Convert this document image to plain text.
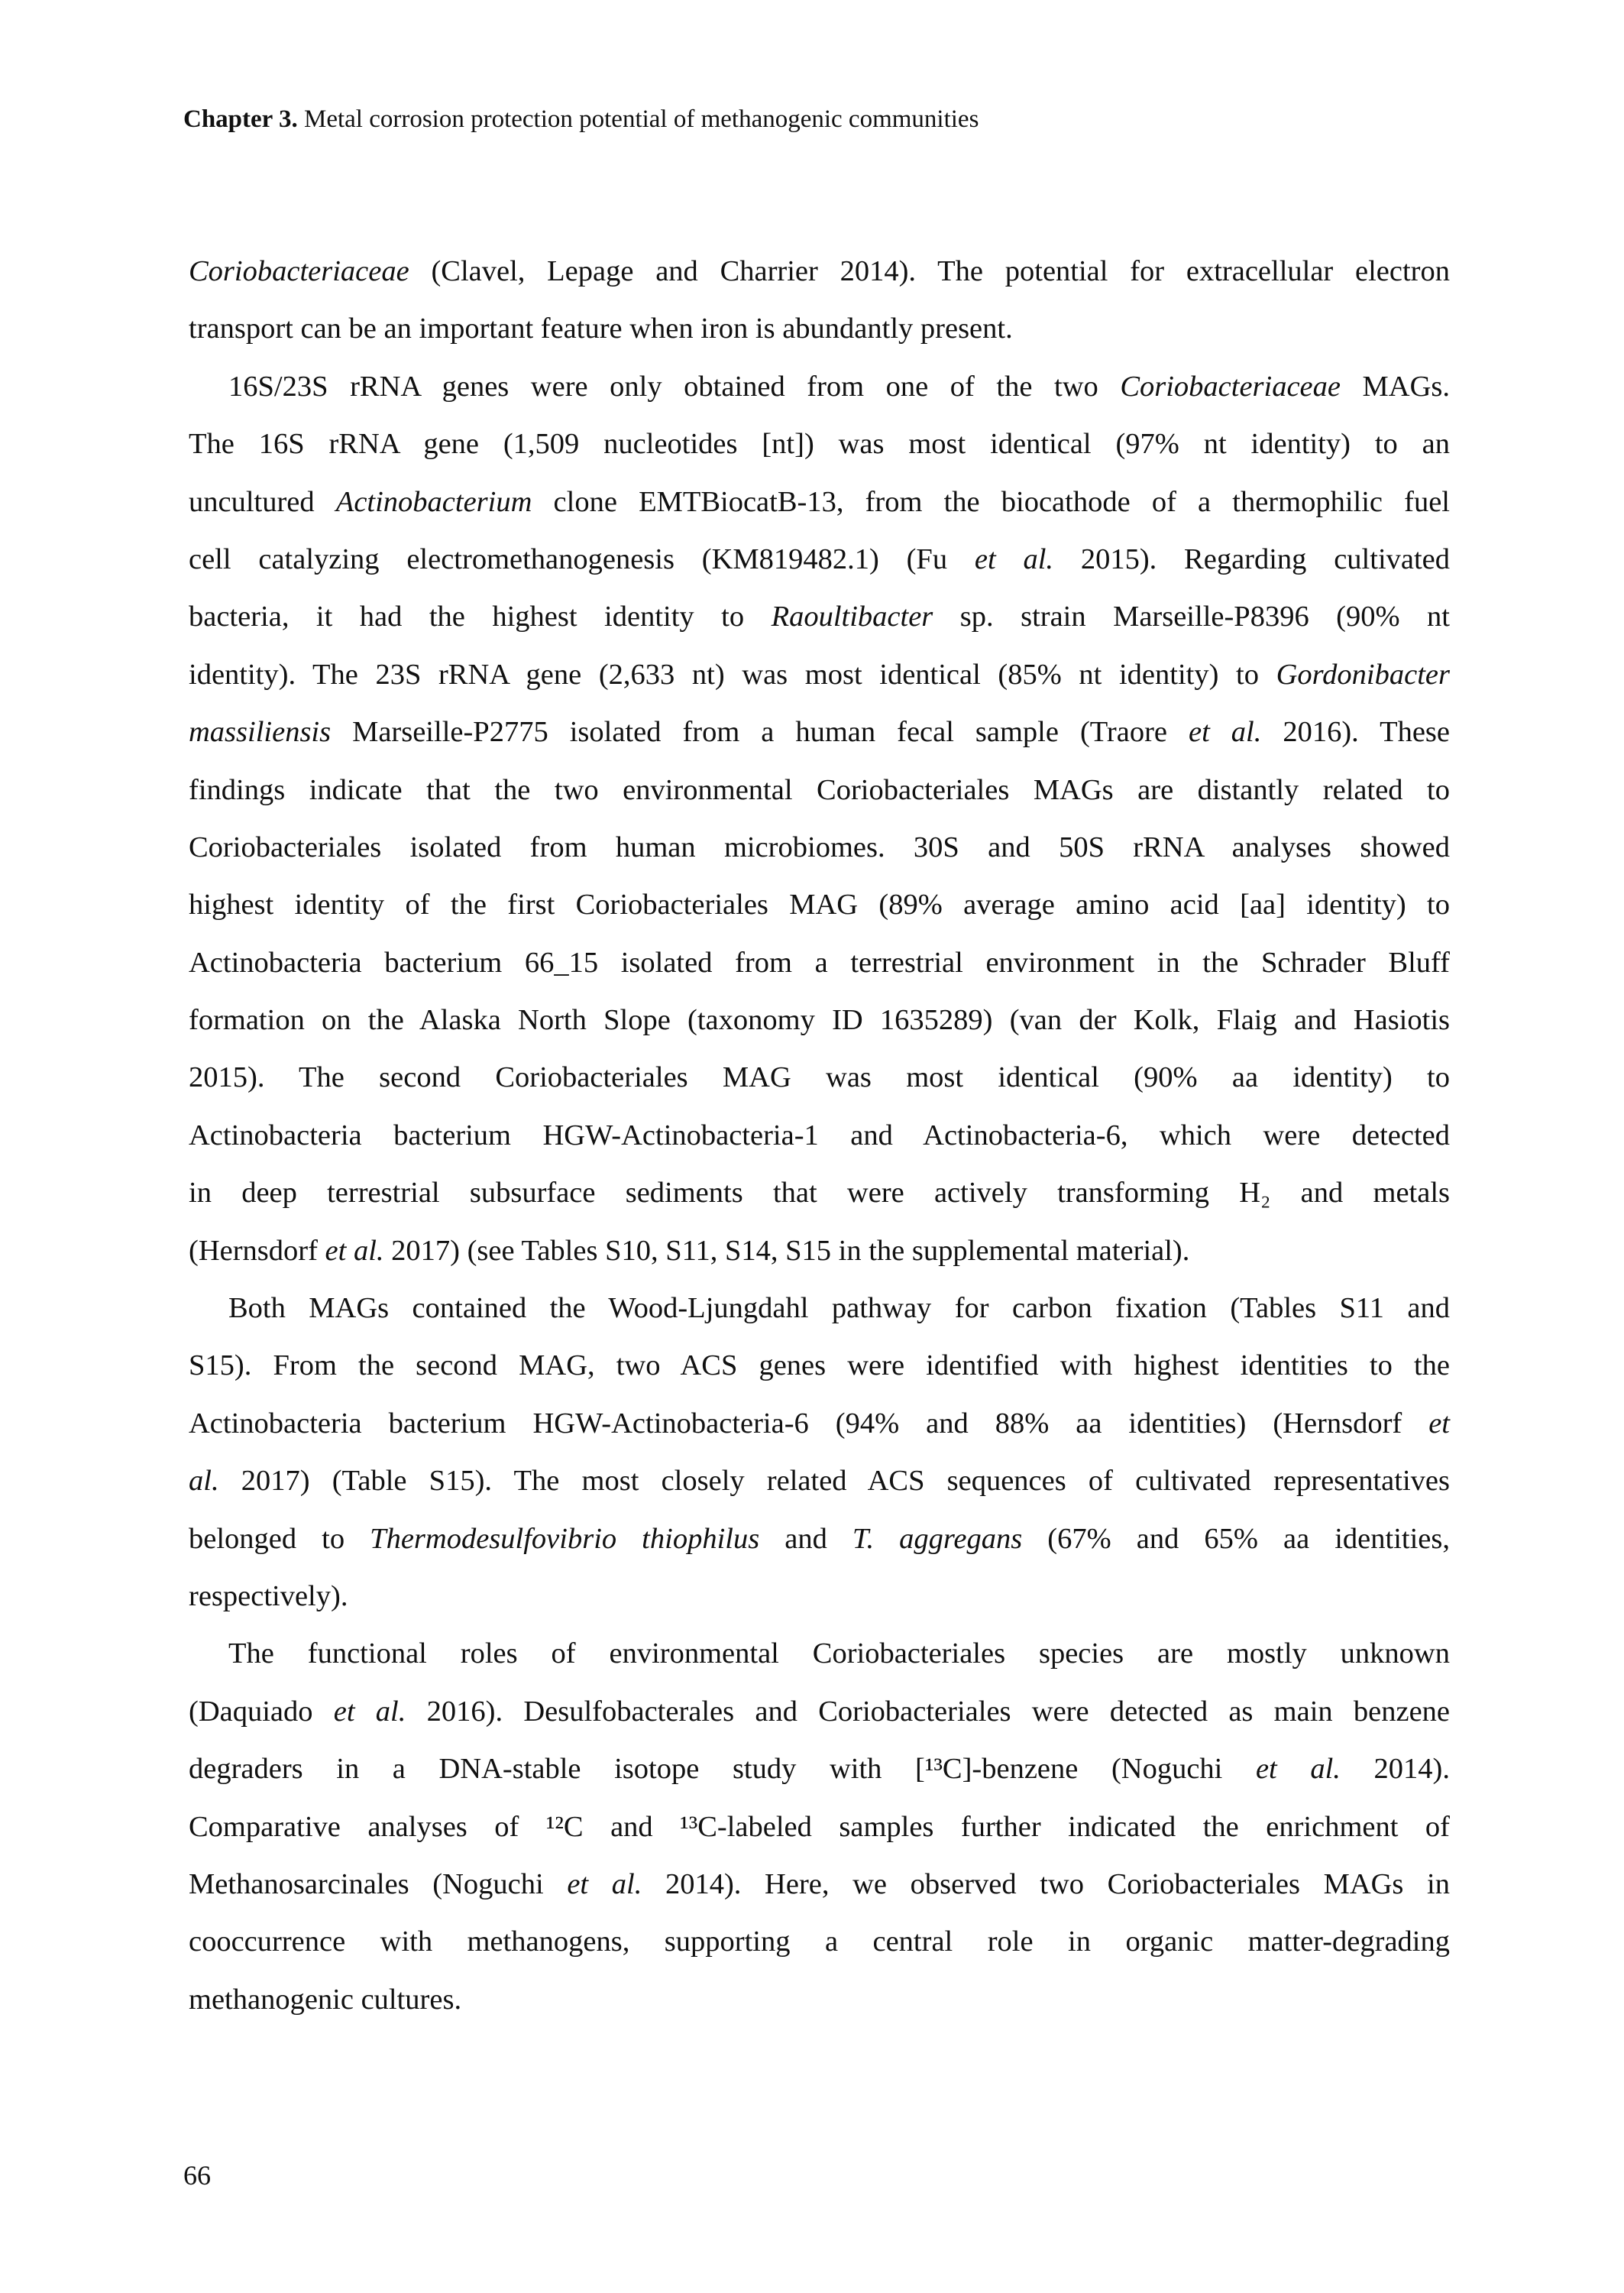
Chapter 3. Metal corrosion protection potential of methanogenic communities
Coriobacteriaceae (Clavel, Lepage and Charrier 2014). The potential for extracellular electron
transport can be an important feature when iron is abundantly present.
16S/23S rRNA genes were only obtained from one of the two Coriobacteriaceae MAGs.
The 16S rRNA gene (1,509 nucleotides [nt]) was most identical (97% nt identity) to an
uncultured Actinobacterium clone EMTBiocatB-13, from the biocathode of a thermophilic fuel
cell catalyzing electromethanogenesis (KM819482.1) (Fu et al. 2015). Regarding cultivated
bacteria, it had the highest identity to Raoultibacter sp. strain Marseille-P8396 (90% nt
identity). The 23S rRNA gene (2,633 nt) was most identical (85% nt identity) to Gordonibacter
massiliensis Marseille-P2775 isolated from a human fecal sample (Traore et al. 2016). These
findings indicate that the two environmental Coriobacteriales MAGs are distantly related to
Coriobacteriales isolated from human microbiomes. 30S and 50S rRNA analyses showed
highest identity of the first Coriobacteriales MAG (89% average amino acid [aa] identity) to
Actinobacteria bacterium 66_15 isolated from a terrestrial environment in the Schrader Bluff
formation on the Alaska North Slope (taxonomy ID 1635289) (van der Kolk, Flaig and Hasiotis
2015). The second Coriobacteriales MAG was most identical (90% aa identity) to
Actinobacteria bacterium HGW-Actinobacteria-1 and Actinobacteria-6, which were detected
in deep terrestrial subsurface sediments that were actively transforming H₂ and metals
(Hernsdorf et al. 2017) (see Tables S10, S11, S14, S15 in the supplemental material).
Both MAGs contained the Wood-Ljungdahl pathway for carbon fixation (Tables S11 and
S15). From the second MAG, two ACS genes were identified with highest identities to the
Actinobacteria bacterium HGW-Actinobacteria-6 (94% and 88% aa identities) (Hernsdorf et
al. 2017) (Table S15). The most closely related ACS sequences of cultivated representatives
belonged to Thermodesulfovibrio thiophilus and T. aggregans (67% and 65% aa identities,
respectively).
The functional roles of environmental Coriobacteriales species are mostly unknown
(Daquiado et al. 2016). Desulfobacterales and Coriobacteriales were detected as main benzene
degraders in a DNA-stable isotope study with [¹³C]-benzene (Noguchi et al. 2014).
Comparative analyses of ¹²C and ¹³C-labeled samples further indicated the enrichment of
Methanosarcinales (Noguchi et al. 2014). Here, we observed two Coriobacteriales MAGs in
cooccurrence with methanogens, supporting a central role in organic matter-degrading
methanogenic cultures.
66
